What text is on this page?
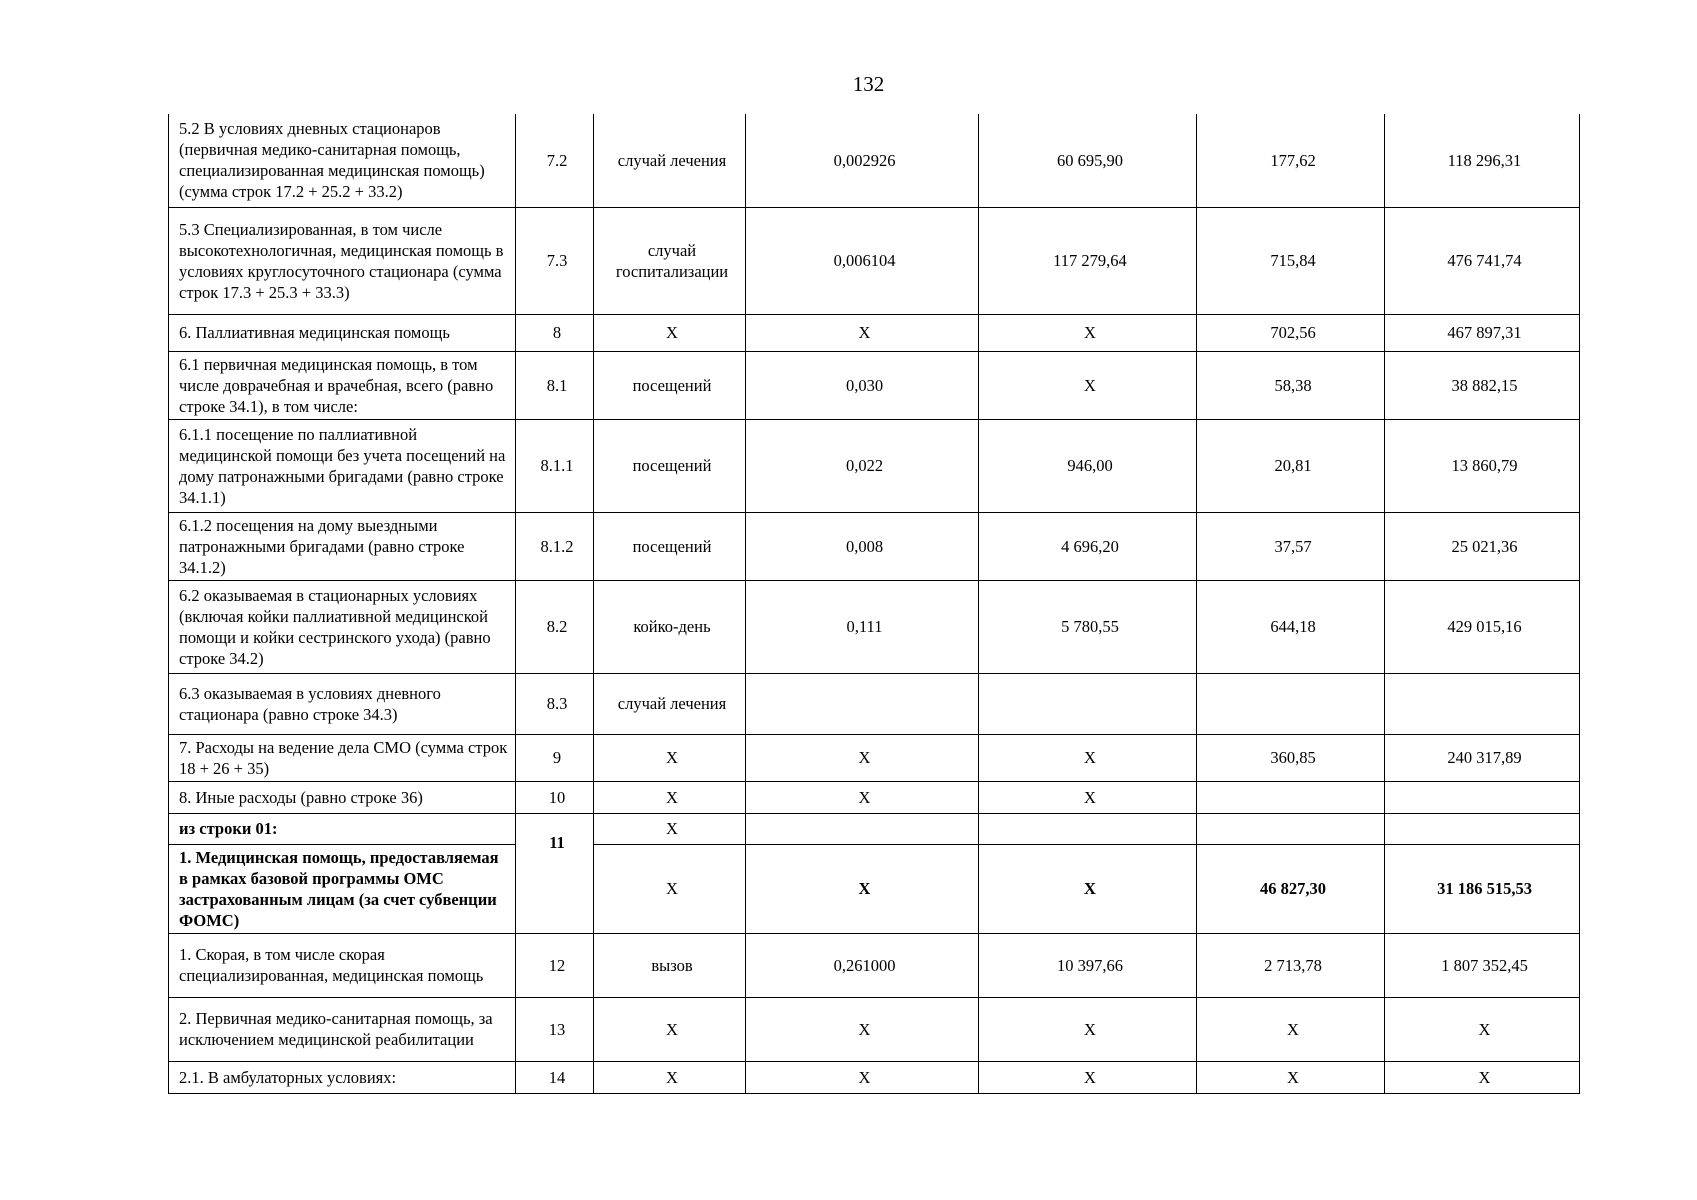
132
5.2 В условиях дневных стационаров (первичная медико-санитарная помощь, специализированная медицинская помощь) (сумма строк 17.2 + 25.2 + 33.2)	7.2	случай лечения	0,002926	60 695,90	177,62	118 296,31
5.3 Специализированная, в том числе высокотехнологичная, медицинская помощь в условиях круглосуточного стационара (сумма строк 17.3 + 25.3 + 33.3)	7.3	случай госпитализации	0,006104	117 279,64	715,84	476 741,74
6. Паллиативная медицинская помощь	8	X	X	X	702,56	467 897,31
6.1 первичная медицинская помощь, в том числе доврачебная и врачебная, всего (равно строке 34.1), в том числе:	8.1	посещений	0,030	X	58,38	38 882,15
6.1.1 посещение по паллиативной медицинской помощи без учета посещений на дому патронажными бригадами (равно строке 34.1.1)	8.1.1	посещений	0,022	946,00	20,81	13 860,79
6.1.2 посещения на дому выездными патронажными бригадами (равно строке 34.1.2)	8.1.2	посещений	0,008	4 696,20	37,57	25 021,36
6.2 оказываемая в стационарных условиях (включая койки паллиативной медицинской помощи и койки сестринского ухода) (равно строке 34.2)	8.2	койко-день	0,111	5 780,55	644,18	429 015,16
6.3 оказываемая в условиях дневного стационара (равно строке 34.3)	8.3	случай лечения				
7. Расходы на ведение дела СМО (сумма строк 18 + 26 + 35)	9	X	X	X	360,85	240 317,89
8. Иные расходы (равно строке 36)	10	X	X	X		
из строки 01:	11	X				
1. Медицинская помощь, предоставляемая в рамках базовой программы ОМС застрахованным лицам (за счет субвенции ФОМС)		X	X	X	46 827,30	31 186 515,53
1. Скорая, в том числе скорая специализированная, медицинская помощь	12	вызов	0,261000	10 397,66	2 713,78	1 807 352,45
2. Первичная медико-санитарная помощь, за исключением медицинской реабилитации	13	X	X	X	X	X
2.1. В амбулаторных условиях:	14	X	X	X	X	X
